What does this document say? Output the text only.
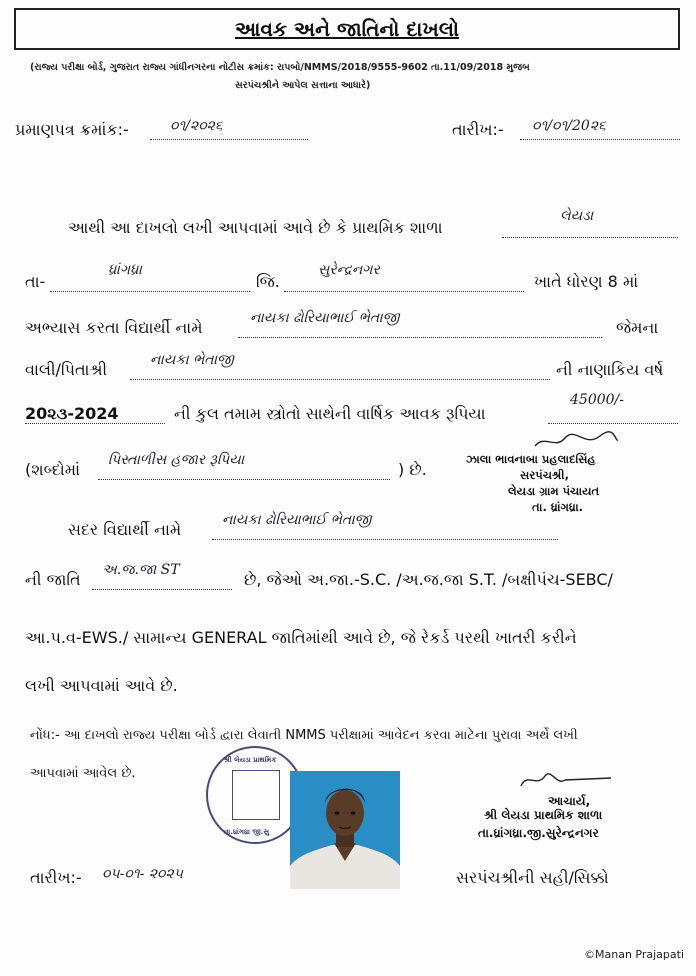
આવક અને જાતિનો દાખલો
(રાજ્ય પરીક્ષા બોર્ડ, ગુજરાત રાજ્ય ગાંધીનગરના નોટીસ ક્રમાંક: રાપબો/NMMS/2018/9555-9602 તા.11/09/2018 મુજબ
સરપંચશ્રીને આપેલ સત્તાના આધારે)
પ્રમાણપત્ર ક્રમાંક:-	૦૧/૨૦૨૬	તારીખ:- ૦૧/૦૧/20૨૬
આથી આ દાખલો લખી આપવામાં આવે છે કે પ્રાથમિક શાળા
લેયડા
તા-
ધ્રાંગધ્રા
જિ.
સુરેન્દ્રનગર
ખાતે ધોરણ 8 માં
અભ્યાસ કરતા વિદ્યાર્થી નામે	નાયકા ઢોરિયાભાઈ ભેતાજી	જેમના
વાલી/પિતાશ્રી	નાયકા ભેતાજી	ની નાણાકિય વર્ષ
20૨૩-2024	ની કુલ તમામ સ્ત્રોતો સાથેની વાર્ષિક આવક રૂપિયા
45000/-
(શબ્દોમાં પિસ્તાળીસ હજાર રૂપિયા	) છે.
ઝાલા ભાવનાબા પ્રહલાદસિંહ
સરપંચશ્રી,
લેયડા ગ્રામ પંચાયત
તા. ધ્રાંગધ્રા.
સદર વિદ્યાર્થી નામે	નાયકા ઢોરિયાભાઈ ભેતાજી
ની જાતિ અ.જ.જા ST	છે, જેઓ અ.જા.-S.C. /અ.જ.જા S.T. /બક્ષીપંચ-SEBC/
આ.પ.વ-EWS./ સામાન્ય GENERAL જાતિમાંથી આવે છે, જે રેકર્ડ પરથી ખાતરી કરીને
લખી આપવામાં આવે છે.
નોંધ:- આ દાખલો રાજ્ય પરીક્ષા બોર્ડ દ્વારા લેવાતી NMMS પરીક્ષામાં આવેદન કરવા માટેના પુરાવા અર્થે લખી
આપવામાં આવેલ છે.
શ્રી લેયડા પ્રાથમિક
તા.ધ્રાંગધ્રા જી.સુ
આચાર્ય,
શ્રી લેયડા પ્રાથમિક શાળા
તા.ધ્રાંગધ્રા.જી.સુરેન્દ્રનગર
તારીખ:- ૦૫-૦૧- ૨૦૨૫	સરપંચશ્રીની સહી/સિક્કો
©Manan Prajapati
